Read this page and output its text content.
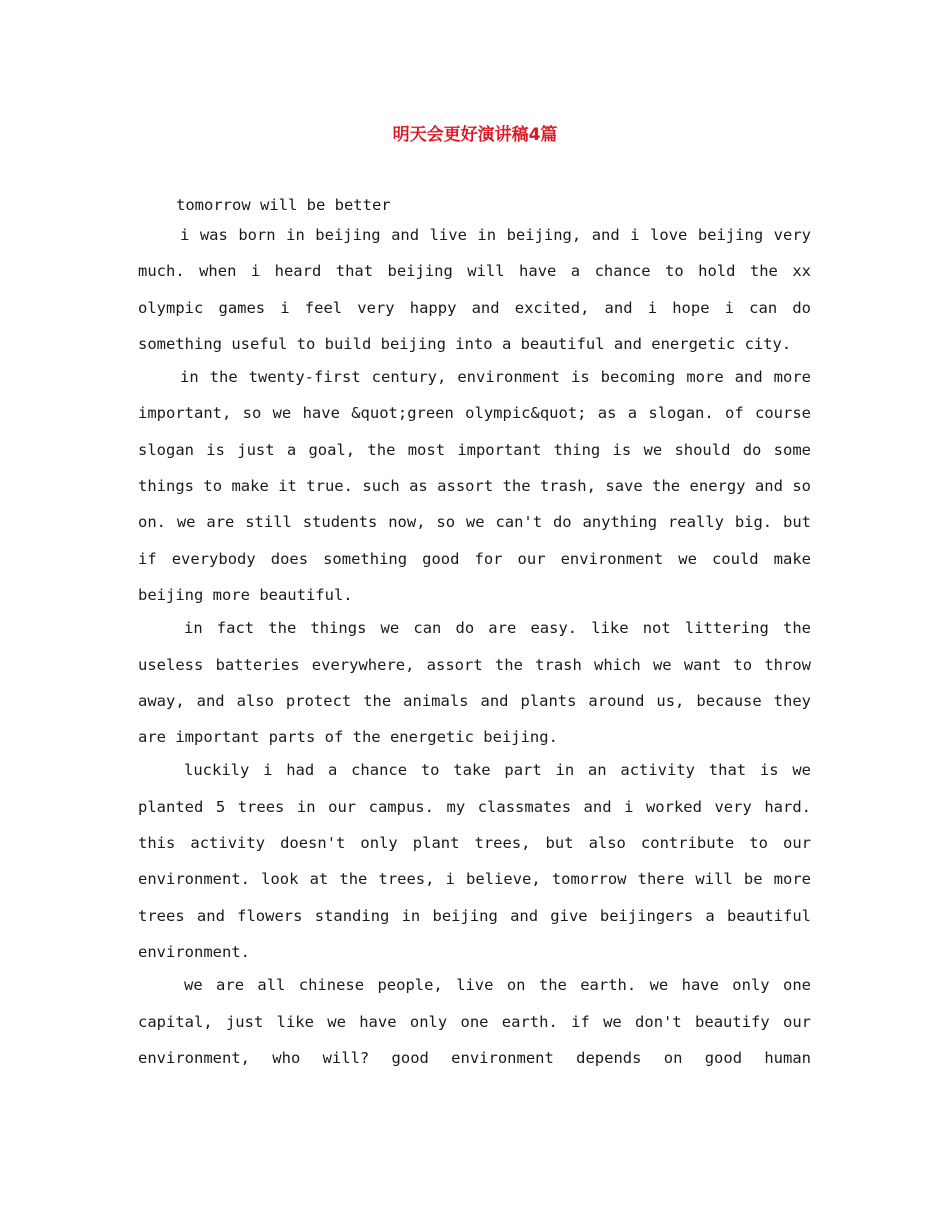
明天会更好演讲稿4篇

tomorrow will be better

i was born in beijing and live in beijing, and i love beijing very much. when i heard that beijing will have a chance to hold the xx olympic games i feel very happy and excited, and i hope i can do something useful to build beijing into a beautiful and energetic city.

in the twenty-first century, environment is becoming more and more important, so we have &quot;green olympic&quot; as a slogan. of course slogan is just a goal, the most important thing is we should do some things to make it true. such as assort the trash, save the energy and so on. we are still students now, so we can't do anything really big. but if everybody does something good for our environment we could make beijing more beautiful.

in fact the things we can do are easy. like not littering the useless batteries everywhere, assort the trash which we want to throw away, and also protect the animals and plants around us, because they are important parts of the energetic beijing.

luckily i had a chance to take part in an activity that is we planted 5 trees in our campus. my classmates and i worked very hard. this activity doesn't only plant trees, but also contribute to our environment. look at the trees, i believe, tomorrow there will be more trees and flowers standing in beijing and give beijingers a beautiful environment.

we are all chinese people, live on the earth. we have only one capital, just like we have only one earth. if we don't beautify our environment, who will? good environment depends on good human
